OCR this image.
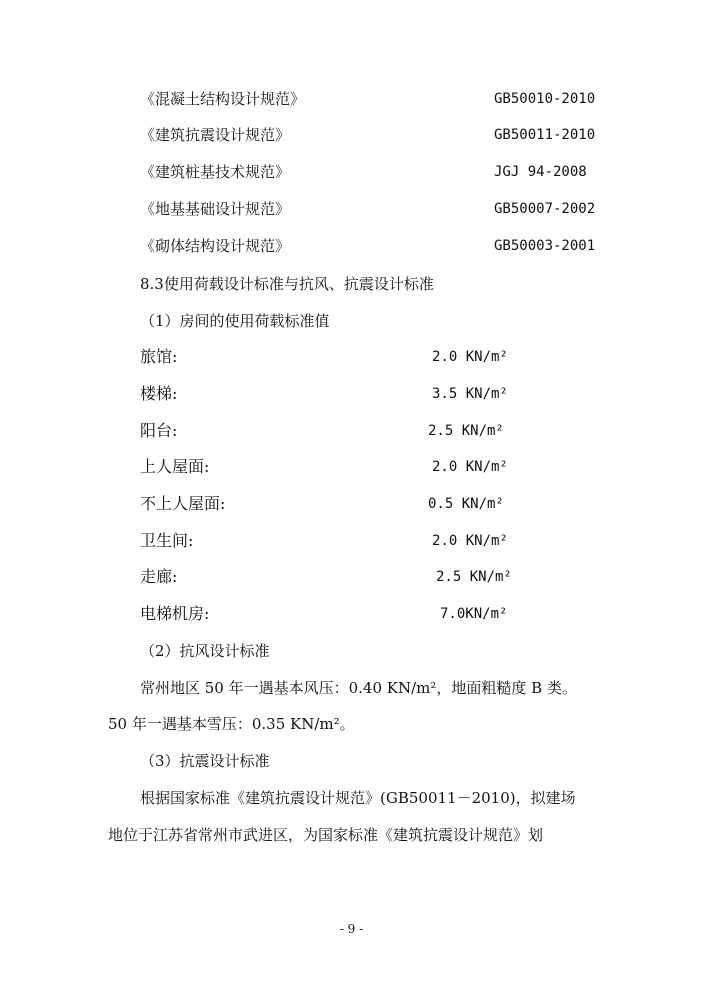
《混凝土结构设计规范》	GB50010-2010
《建筑抗震设计规范》	GB50011-2010
《建筑桩基技术规范》	JGJ 94-2008
《地基基础设计规范》	GB50007-2002
《砌体结构设计规范》	GB50003-2001
8.3使用荷载设计标准与抗风、抗震设计标准
（1）房间的使用荷载标准值
旅馆:	2.0 KN/m²
楼梯:	3.5 KN/m²
阳台:	2.5 KN/m²
上人屋面:	2.0 KN/m²
不上人屋面:	0.5 KN/m²
卫生间:	2.0 KN/m²
走廊:	2.5 KN/m²
电梯机房:	7.0KN/m²
（2）抗风设计标准
常州地区 50 年一遇基本风压：0.40 KN/m²，地面粗糙度 B 类。
50 年一遇基本雪压：0.35 KN/m²。
（3）抗震设计标准
根据国家标准《建筑抗震设计规范》(GB50011－2010)，拟建场
地位于江苏省常州市武进区，为国家标准《建筑抗震设计规范》划
- 9 -
